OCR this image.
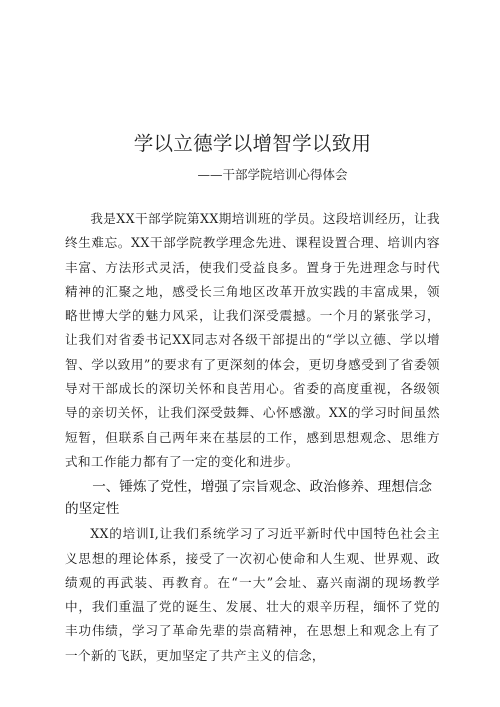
学以立德学以增智学以致用

——干部学院培训心得体会

我是XX干部学院第XX期培训班的学员。这段培训经历，让我终生难忘。XX干部学院教学理念先进、课程设置合理、培训内容丰富、方法形式灵活，使我们受益良多。置身于先进理念与时代精神的汇聚之地，感受长三角地区改革开放实践的丰富成果，领略世博大学的魅力风采，让我们深受震撼。一个月的紧张学习，让我们对省委书记XX同志对各级干部提出的“学以立德、学以增智、学以致用”的要求有了更深刻的体会，更切身感受到了省委领导对干部成长的深切关怀和良苦用心。省委的高度重视，各级领导的亲切关怀，让我们深受鼓舞、心怀感激。XX的学习时间虽然短暂，但联系自己两年来在基层的工作，感到思想观念、思维方式和工作能力都有了一定的变化和进步。

一、锤炼了党性，增强了宗旨观念、政治修养、理想信念的坚定性

XX的培训I,让我们系统学习了习近平新时代中国特色社会主义思想的理论体系，接受了一次初心使命和人生观、世界观、政绩观的再武装、再教育。在“一大”会址、嘉兴南湖的现场教学中，我们重温了党的诞生、发展、壮大的艰辛历程，缅怀了党的丰功伟绩，学习了革命先辈的崇高精神，在思想上和观念上有了一个新的飞跃，更加坚定了共产主义的信念，
